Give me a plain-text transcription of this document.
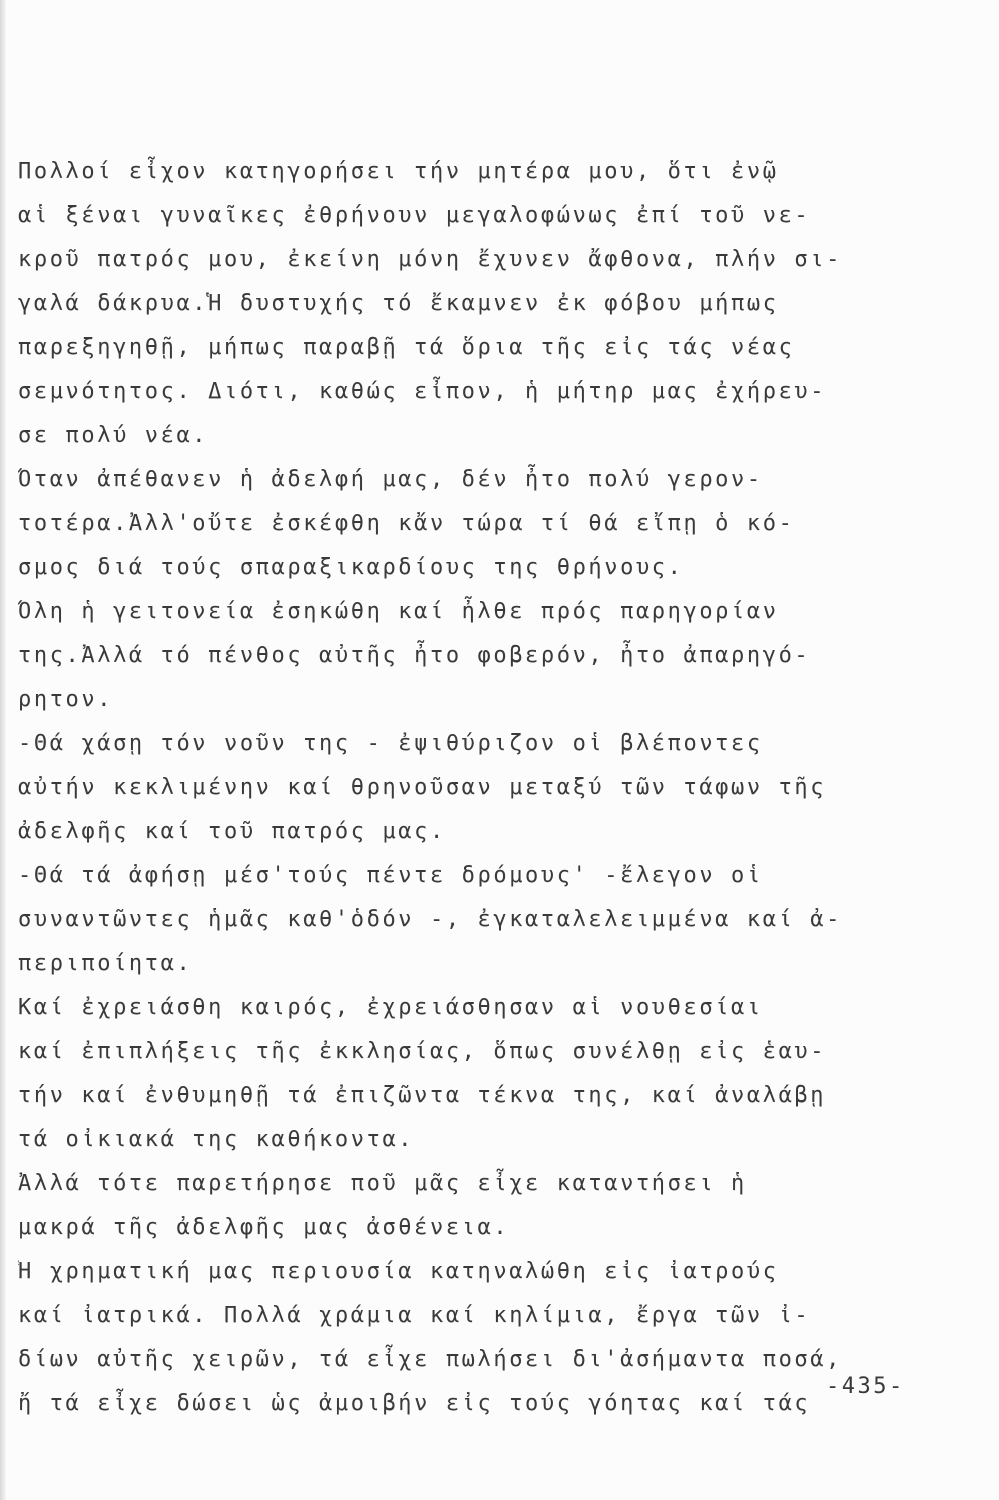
Πολλοί εἶχον κατηγορήσει τήν μητέρα μου, ὅτι ἐνῷ
αἱ ξέναι γυναῖκες ἐθρήνουν μεγαλοφώνως ἐπί τοῦ νε-
κροῦ πατρός μου, ἐκείνη μόνη ἔχυνεν ἄφθονα, πλήν σι-
γαλά δάκρυα.Ἡ δυστυχής τό ἔκαμνεν ἐκ φόβου μήπως
παρεξηγηθῇ, μήπως παραβῇ τά ὅρια τῆς εἰς τάς νέας
σεμνότητος. Διότι, καθώς εἶπον, ἡ μήτηρ μας ἐχήρευ-
σε πολύ νέα.
Ὅταν ἀπέθανεν ἡ ἀδελφή μας, δέν ἦτο πολύ γερον-
τοτέρα.Ἀλλ'οὔτε ἐσκέφθη κἄν τώρα τί θά εἴπῃ ὁ κό-
σμος διά τούς σπαραξικαρδίους της θρήνους.
Ὅλη ἡ γειτονεία ἐσηκώθη καί ἦλθε πρός παρηγορίαν
της.Ἀλλά τό πένθος αὐτῆς ἦτο φοβερόν, ἦτο ἀπαρηγό-
ρητον.
-Θά χάσῃ τόν νοῦν της - ἐψιθύριζον οἱ βλέποντες
αὐτήν κεκλιμένην καί θρηνοῦσαν μεταξύ τῶν τάφων τῆς
ἀδελφῆς καί τοῦ πατρός μας.
-Θά τά ἀφήσῃ μέσ'τούς πέντε δρόμους' -ἔλεγον οἱ
συναντῶντες ἡμᾶς καθ'ὁδόν -, ἐγκαταλελειμμένα καί ἀ-
περιποίητα.
Καί ἐχρειάσθη καιρός, ἐχρειάσθησαν αἱ νουθεσίαι
καί ἐπιπλήξεις τῆς ἐκκλησίας, ὅπως συνέλθῃ εἰς ἑαυ-
τήν καί ἐνθυμηθῇ τά ἐπιζῶντα τέκνα της, καί ἀναλάβῃ
τά οἰκιακά της καθήκοντα.
Ἀλλά τότε παρετήρησε ποῦ μᾶς εἶχε καταντήσει ἡ
μακρά τῆς ἀδελφῆς μας ἀσθένεια.
Ἡ χρηματική μας περιουσία κατηναλώθη εἰς ἰατρούς
καί ἰατρικά. Πολλά χράμια καί κηλίμια, ἔργα τῶν ἰ-
δίων αὐτῆς χειρῶν, τά εἶχε πωλήσει δι'ἀσήμαντα ποσά,
ἤ τά εἶχε δώσει ὡς ἀμοιβήν εἰς τούς γόητας καί τάς
-435-
